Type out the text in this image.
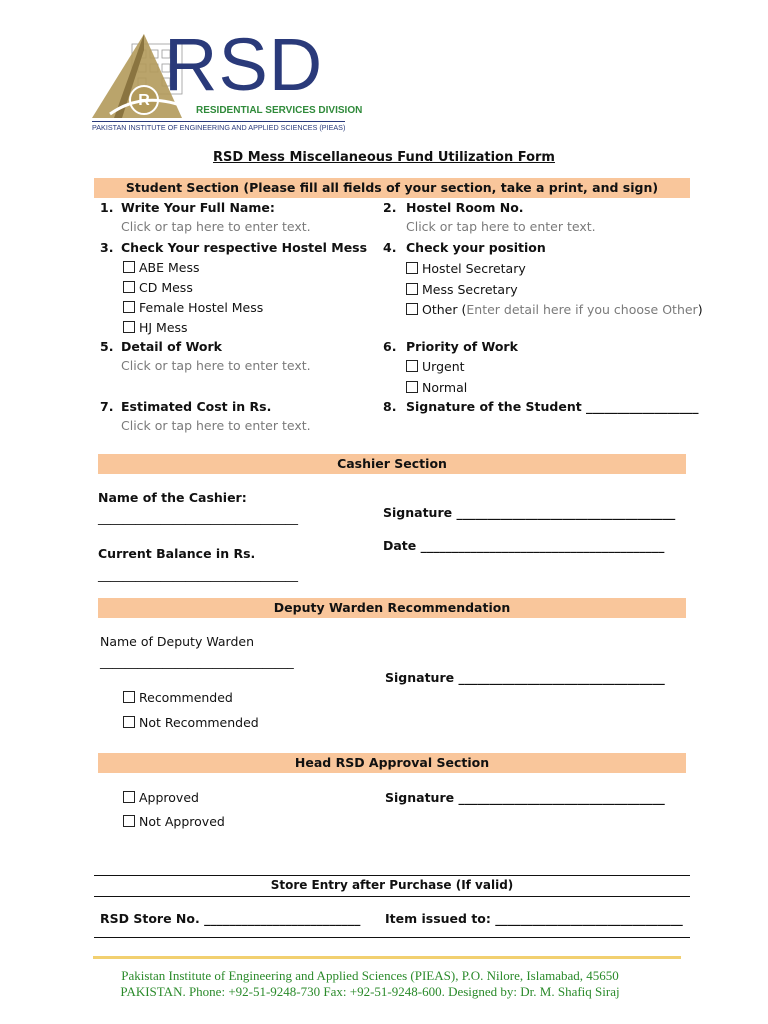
R RSD
RESIDENTIAL SERVICES DIVISION
PAKISTAN INSTITUTE OF ENGINEERING AND APPLIED SCIENCES (PIEAS)
RSD Mess Miscellaneous Fund Utilization Form
Student Section (Please fill all fields of your section, take a print, and sign)
1. Write Your Full Name:
Click or tap here to enter text.
2. Hostel Room No.
Click or tap here to enter text.
3. Check Your respective Hostel Mess
ABE Mess
CD Mess
Female Hostel Mess
HJ Mess
4. Check your position
Hostel Secretary
Mess Secretary
Other (Enter detail here if you choose Other)
5. Detail of Work
Click or tap here to enter text.
6. Priority of Work
Urgent
Normal
7. Estimated Cost in Rs.
Click or tap here to enter text.
8. Signature of the Student __________________
Cashier Section
Name of the Cashier:
________________________________	Signature ___________________________________
Current Balance in Rs.
________________________________
Date _______________________________________
Deputy Warden Recommendation
Name of Deputy Warden
_______________________________
Signature _________________________________
Recommended
Not Recommended
Head RSD Approval Section
Approved
Not Approved
Signature _________________________________
Store Entry after Purchase (If valid)
RSD Store No. _________________________ Item issued to: ______________________________
Pakistan Institute of Engineering and Applied Sciences (PIEAS), P.O. Nilore, Islamabad, 45650
PAKISTAN. Phone: +92-51-9248-730 Fax: +92-51-9248-600. Designed by: Dr. M. Shafiq Siraj
